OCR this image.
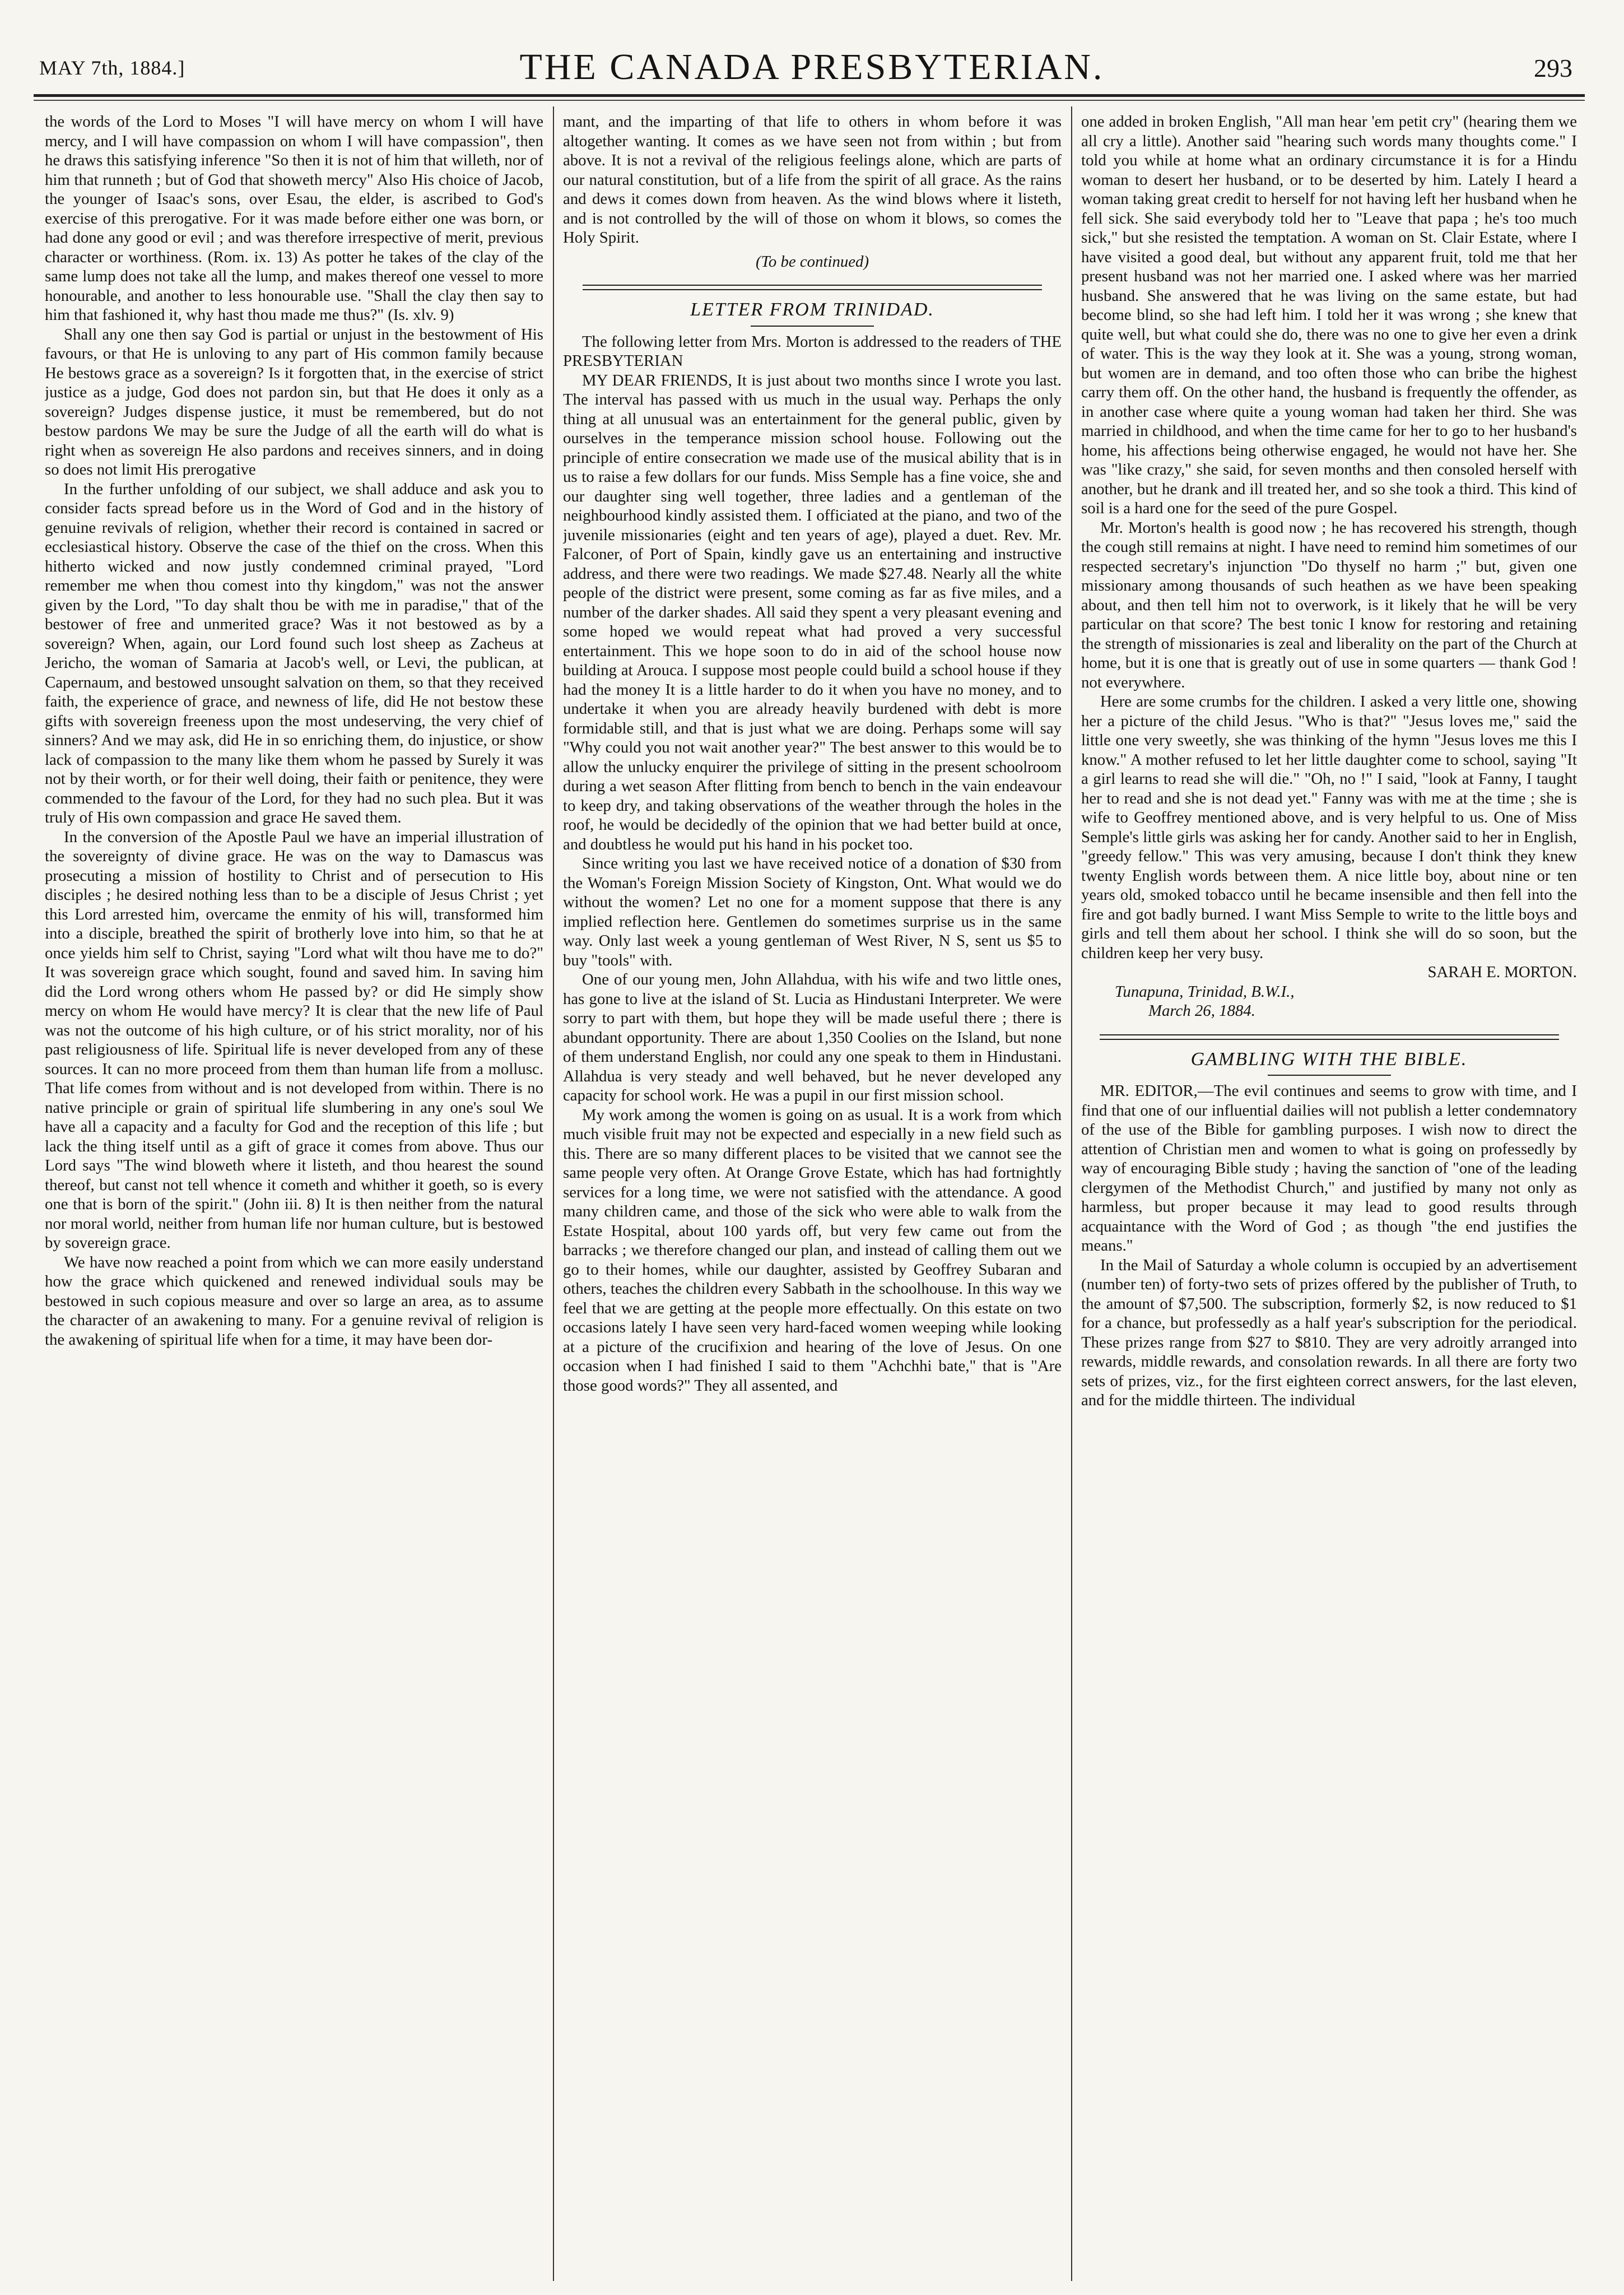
MAY 7th, 1884.]	THE CANADA PRESBYTERIAN.	293

the words of the Lord to Moses "I will have mercy on whom I will have mercy, and I will have compassion on whom I will have compassion", then he draws this satisfying inference "So then it is not of him that willeth, nor of him that runneth ; but of God that showeth mercy" Also His choice of Jacob, the younger of Isaac's sons, over Esau, the elder, is ascribed to God's exercise of this prerogative. For it was made before either one was born, or had done any good or evil ; and was therefore irrespective of merit, previous character or worthiness. (Rom. ix. 13) As potter he takes of the clay of the same lump does not take all the lump, and makes thereof one vessel to more honourable, and another to less honourable use. "Shall the clay then say to him that fashioned it, why hast thou made me thus?" (Is. xlv. 9)

Shall any one then say God is partial or unjust in the bestowment of His favours, or that He is unloving to any part of His common family because He bestows grace as a sovereign? Is it forgotten that, in the exercise of strict justice as a judge, God does not pardon sin, but that He does it only as a sovereign? Judges dispense justice, it must be remembered, but do not bestow pardons We may be sure the Judge of all the earth will do what is right when as sovereign He also pardons and receives sinners, and in doing so does not limit His prerogative

In the further unfolding of our subject, we shall adduce and ask you to consider facts spread before us in the Word of God and in the history of genuine revivals of religion, whether their record is contained in sacred or ecclesiastical history. Observe the case of the thief on the cross. When this hitherto wicked and now justly condemned criminal prayed, "Lord remember me when thou comest into thy kingdom," was not the answer given by the Lord, "To day shalt thou be with me in paradise," that of the bestower of free and unmerited grace? Was it not bestowed as by a sovereign? When, again, our Lord found such lost sheep as Zacheus at Jericho, the woman of Samaria at Jacob's well, or Levi, the publican, at Capernaum, and bestowed unsought salvation on them, so that they received faith, the experience of grace, and newness of life, did He not bestow these gifts with sovereign freeness upon the most undeserving, the very chief of sinners? And we may ask, did He in so enriching them, do injustice, or show lack of compassion to the many like them whom he passed by Surely it was not by their worth, or for their well doing, their faith or penitence, they were commended to the favour of the Lord, for they had no such plea. But it was truly of His own compassion and grace He saved them.

In the conversion of the Apostle Paul we have an imperial illustration of the sovereignty of divine grace. He was on the way to Damascus was prosecuting a mission of hostility to Christ and of persecution to His disciples ; he desired nothing less than to be a disciple of Jesus Christ ; yet this Lord arrested him, overcame the enmity of his will, transformed him into a disciple, breathed the spirit of brotherly love into him, so that he at once yields him self to Christ, saying "Lord what wilt thou have me to do?" It was sovereign grace which sought, found and saved him. In saving him did the Lord wrong others whom He passed by? or did He simply show mercy on whom He would have mercy? It is clear that the new life of Paul was not the outcome of his high culture, or of his strict morality, nor of his past religiousness of life. Spiritual life is never developed from any of these sources. It can no more proceed from them than human life from a mollusc. That life comes from without and is not developed from within. There is no native principle or grain of spiritual life slumbering in any one's soul We have all a capacity and a faculty for God and the reception of this life ; but lack the thing itself until as a gift of grace it comes from above. Thus our Lord says "The wind bloweth where it listeth, and thou hearest the sound thereof, but canst not tell whence it cometh and whither it goeth, so is every one that is born of the spirit." (John iii. 8) It is then neither from the natural nor moral world, neither from human life nor human culture, but is bestowed by sovereign grace.

We have now reached a point from which we can more easily understand how the grace which quickened and renewed individual souls may be bestowed in such copious measure and over so large an area, as to assume the character of an awakening to many. For a genuine revival of religion is the awakening of spiritual life when for a time, it may have been dor-

mant, and the imparting of that life to others in whom before it was altogether wanting. It comes as we have seen not from within ; but from above. It is not a revival of the religious feelings alone, which are parts of our natural constitution, but of a life from the spirit of all grace. As the rains and dews it comes down from heaven. As the wind blows where it listeth, and is not controlled by the will of those on whom it blows, so comes the Holy Spirit.

(To be continued)

LETTER FROM TRINIDAD.

The following letter from Mrs. Morton is addressed to the readers of THE PRESBYTERIAN

MY DEAR FRIENDS, It is just about two months since I wrote you last. The interval has passed with us much in the usual way. Perhaps the only thing at all unusual was an entertainment for the general public, given by ourselves in the temperance mission school house. Following out the principle of entire consecration we made use of the musical ability that is in us to raise a few dollars for our funds. Miss Semple has a fine voice, she and our daughter sing well together, three ladies and a gentleman of the neighbourhood kindly assisted them. I officiated at the piano, and two of the juvenile missionaries (eight and ten years of age), played a duet. Rev. Mr. Falconer, of Port of Spain, kindly gave us an entertaining and instructive address, and there were two readings. We made $27.48. Nearly all the white people of the district were present, some coming as far as five miles, and a number of the darker shades. All said they spent a very pleasant evening and some hoped we would repeat what had proved a very successful entertainment. This we hope soon to do in aid of the school house now building at Arouca. I suppose most people could build a school house if they had the money It is a little harder to do it when you have no money, and to undertake it when you are already heavily burdened with debt is more formidable still, and that is just what we are doing. Perhaps some will say "Why could you not wait another year?" The best answer to this would be to allow the unlucky enquirer the privilege of sitting in the present schoolroom during a wet season After flitting from bench to bench in the vain endeavour to keep dry, and taking observations of the weather through the holes in the roof, he would be decidedly of the opinion that we had better build at once, and doubtless he would put his hand in his pocket too.

Since writing you last we have received notice of a donation of $30 from the Woman's Foreign Mission Society of Kingston, Ont. What would we do without the women? Let no one for a moment suppose that there is any implied reflection here. Gentlemen do sometimes surprise us in the same way. Only last week a young gentleman of West River, N S, sent us $5 to buy "tools" with.

One of our young men, John Allahdua, with his wife and two little ones, has gone to live at the island of St. Lucia as Hindustani Interpreter. We were sorry to part with them, but hope they will be made useful there ; there is abundant opportunity. There are about 1,350 Coolies on the Island, but none of them understand English, nor could any one speak to them in Hindustani. Allahdua is very steady and well behaved, but he never developed any capacity for school work. He was a pupil in our first mission school.

My work among the women is going on as usual. It is a work from which much visible fruit may not be expected and especially in a new field such as this. There are so many different places to be visited that we cannot see the same people very often. At Orange Grove Estate, which has had fortnightly services for a long time, we were not satisfied with the attendance. A good many children came, and those of the sick who were able to walk from the Estate Hospital, about 100 yards off, but very few came out from the barracks ; we therefore changed our plan, and instead of calling them out we go to their homes, while our daughter, assisted by Geoffrey Subaran and others, teaches the children every Sabbath in the schoolhouse. In this way we feel that we are getting at the people more effectually. On this estate on two occasions lately I have seen very hard-faced women weeping while looking at a picture of the crucifixion and hearing of the love of Jesus. On one occasion when I had finished I said to them "Achchhi bate," that is "Are those good words?" They all assented, and

one added in broken English, "All man hear 'em petit cry" (hearing them we all cry a little). Another said "hearing such words many thoughts come." I told you while at home what an ordinary circumstance it is for a Hindu woman to desert her husband, or to be deserted by him. Lately I heard a woman taking great credit to herself for not having left her husband when he fell sick. She said everybody told her to "Leave that papa ; he's too much sick," but she resisted the temptation. A woman on St. Clair Estate, where I have visited a good deal, but without any apparent fruit, told me that her present husband was not her married one. I asked where was her married husband. She answered that he was living on the same estate, but had become blind, so she had left him. I told her it was wrong ; she knew that quite well, but what could she do, there was no one to give her even a drink of water. This is the way they look at it. She was a young, strong woman, but women are in demand, and too often those who can bribe the highest carry them off. On the other hand, the husband is frequently the offender, as in another case where quite a young woman had taken her third. She was married in childhood, and when the time came for her to go to her husband's home, his affections being otherwise engaged, he would not have her. She was "like crazy," she said, for seven months and then consoled herself with another, but he drank and ill treated her, and so she took a third. This kind of soil is a hard one for the seed of the pure Gospel.

Mr. Morton's health is good now ; he has recovered his strength, though the cough still remains at night. I have need to remind him sometimes of our respected secretary's injunction "Do thyself no harm ;" but, given one missionary among thousands of such heathen as we have been speaking about, and then tell him not to overwork, is it likely that he will be very particular on that score? The best tonic I know for restoring and retaining the strength of missionaries is zeal and liberality on the part of the Church at home, but it is one that is greatly out of use in some quarters — thank God ! not everywhere.

Here are some crumbs for the children. I asked a very little one, showing her a picture of the child Jesus. "Who is that?" "Jesus loves me," said the little one very sweetly, she was thinking of the hymn "Jesus loves me this I know." A mother refused to let her little daughter come to school, saying "It a girl learns to read she will die." "Oh, no !" I said, "look at Fanny, I taught her to read and she is not dead yet." Fanny was with me at the time ; she is wife to Geoffrey mentioned above, and is very helpful to us. One of Miss Semple's little girls was asking her for candy. Another said to her in English, "greedy fellow." This was very amusing, because I don't think they knew twenty English words between them. A nice little boy, about nine or ten years old, smoked tobacco until he became insensible and then fell into the fire and got badly burned. I want Miss Semple to write to the little boys and girls and tell them about her school. I think she will do so soon, but the children keep her very busy.

SARAH E. MORTON.

Tunapuna, Trinidad, B.W.I.,

March 26, 1884.

GAMBLING WITH THE BIBLE.

MR. EDITOR,—The evil continues and seems to grow with time, and I find that one of our influential dailies will not publish a letter condemnatory of the use of the Bible for gambling purposes. I wish now to direct the attention of Christian men and women to what is going on professedly by way of encouraging Bible study ; having the sanction of "one of the leading clergymen of the Methodist Church," and justified by many not only as harmless, but proper because it may lead to good results through acquaintance with the Word of God ; as though "the end justifies the means."

In the Mail of Saturday a whole column is occupied by an advertisement (number ten) of forty-two sets of prizes offered by the publisher of Truth, to the amount of $7,500. The subscription, formerly $2, is now reduced to $1 for a chance, but professedly as a half year's subscription for the periodical. These prizes range from $27 to $810. They are very adroitly arranged into rewards, middle rewards, and consolation rewards. In all there are forty two sets of prizes, viz., for the first eighteen correct answers, for the last eleven, and for the middle thirteen. The individual
